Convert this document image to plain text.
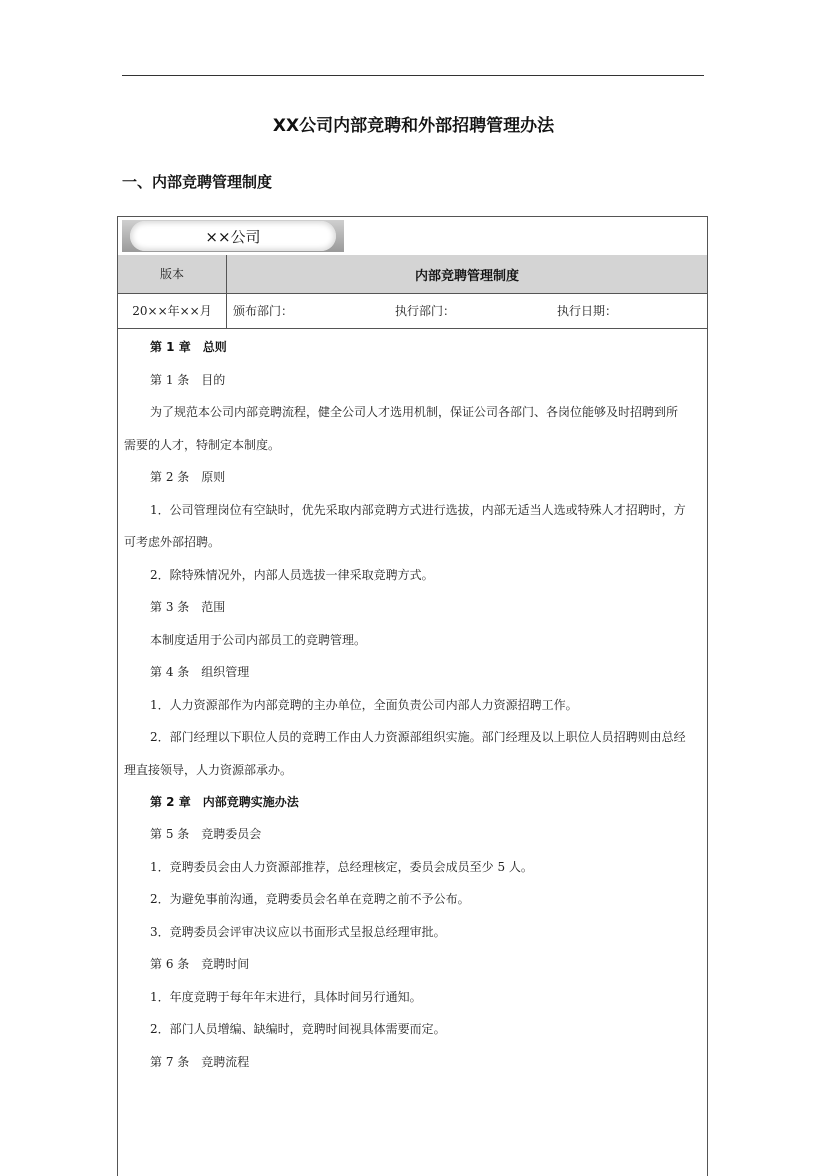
XX公司内部竞聘和外部招聘管理办法
一、内部竞聘管理制度
××公司
版本
20××年××月
内部竞聘管理制度
颁布部门：	执行部门：	执行日期：
第 1 章　总则
第 1 条　目的
为了规范本公司内部竞聘流程，健全公司人才选用机制，保证公司各部门、各岗位能够及时招聘到所
需要的人才，特制定本制度。
第 2 条　原则
1．公司管理岗位有空缺时，优先采取内部竞聘方式进行选拔，内部无适当人选或特殊人才招聘时，方
可考虑外部招聘。
2．除特殊情况外，内部人员选拔一律采取竞聘方式。
第 3 条　范围
本制度适用于公司内部员工的竞聘管理。
第 4 条　组织管理
1．人力资源部作为内部竞聘的主办单位，全面负责公司内部人力资源招聘工作。
2．部门经理以下职位人员的竞聘工作由人力资源部组织实施。部门经理及以上职位人员招聘则由总经
理直接领导，人力资源部承办。
第 2 章　内部竞聘实施办法
第 5 条　竞聘委员会
1．竞聘委员会由人力资源部推荐，总经理核定，委员会成员至少 5 人。
2．为避免事前沟通，竞聘委员会名单在竞聘之前不予公布。
3．竞聘委员会评审决议应以书面形式呈报总经理审批。
第 6 条　竞聘时间
1．年度竞聘于每年年末进行，具体时间另行通知。
2．部门人员增编、缺编时，竞聘时间视具体需要而定。
第 7 条　竞聘流程
